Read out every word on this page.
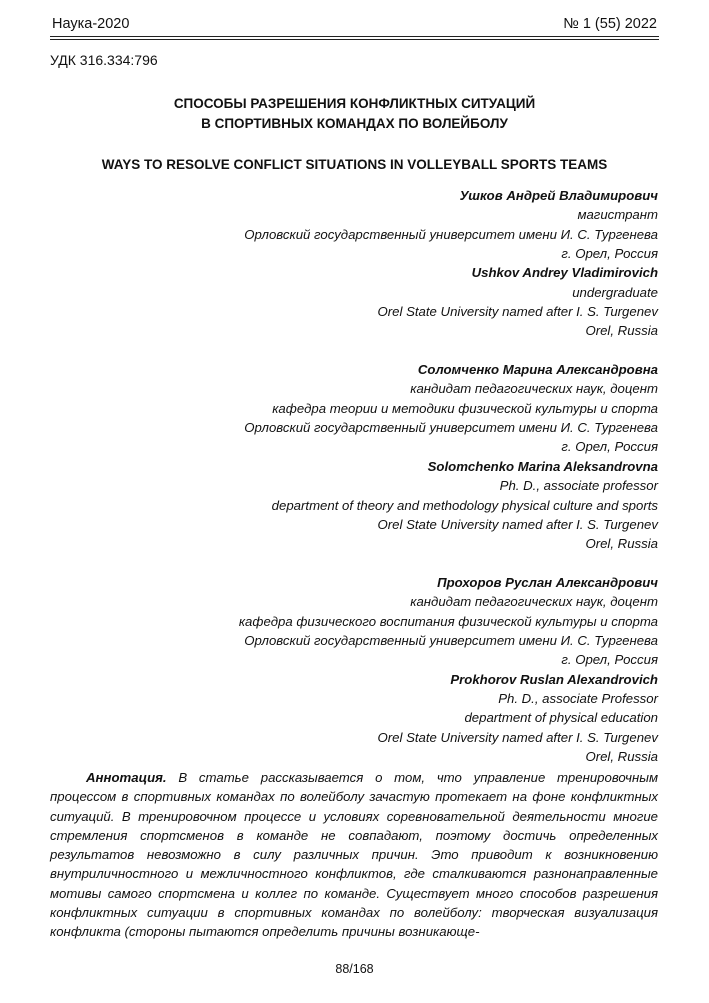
Наука-2020	№ 1 (55) 2022
УДК 316.334:796
СПОСОБЫ РАЗРЕШЕНИЯ КОНФЛИКТНЫХ СИТУАЦИЙ
В СПОРТИВНЫХ КОМАНДАХ ПО ВОЛЕЙБОЛУ
WAYS TO RESOLVE CONFLICT SITUATIONS IN VOLLEYBALL SPORTS TEAMS
Ушков Андрей Владимирович
магистрант
Орловский государственный университет имени И. С. Тургенева
г. Орел, Россия
Ushkov Andrey Vladimirovich
undergraduate
Orel State University named after I. S. Turgenev
Orel, Russia
Соломченко Марина Александровна
кандидат педагогических наук, доцент
кафедра теории и методики физической культуры и спорта
Орловский государственный университет имени И. С. Тургенева
г. Орел, Россия
Solomchenko Marina Aleksandrovna
Ph. D., associate professor
department of theory and methodology physical culture and sports
Orel State University named after I. S. Turgenev
Orel, Russia
Прохоров Руслан Александрович
кандидат педагогических наук, доцент
кафедра физического воспитания физической культуры и спорта
Орловский государственный университет имени И. С. Тургенева
г. Орел, Россия
Prokhorov Ruslan Alexandrovich
Ph. D., associate Professor
department of physical education
Orel State University named after I. S. Turgenev
Orel, Russia
Аннотация. В статье рассказывается о том, что управление тренировочным процессом в спортивных командах по волейболу зачастую протекает на фоне конфликтных ситуаций. В тренировочном процессе и условиях соревновательной деятельности многие стремления спортсменов в команде не совпадают, поэтому достичь определенных результатов невозможно в силу различных причин. Это приводит к возникновению внутриличностного и межличностного конфликтов, где сталкиваются разнонаправленные мотивы самого спортсмена и коллег по команде. Существует много способов разрешения конфликтных ситуации в спортивных командах по волейболу: творческая визуализация конфликта (стороны пытаются определить причины возникающе-
88/168
